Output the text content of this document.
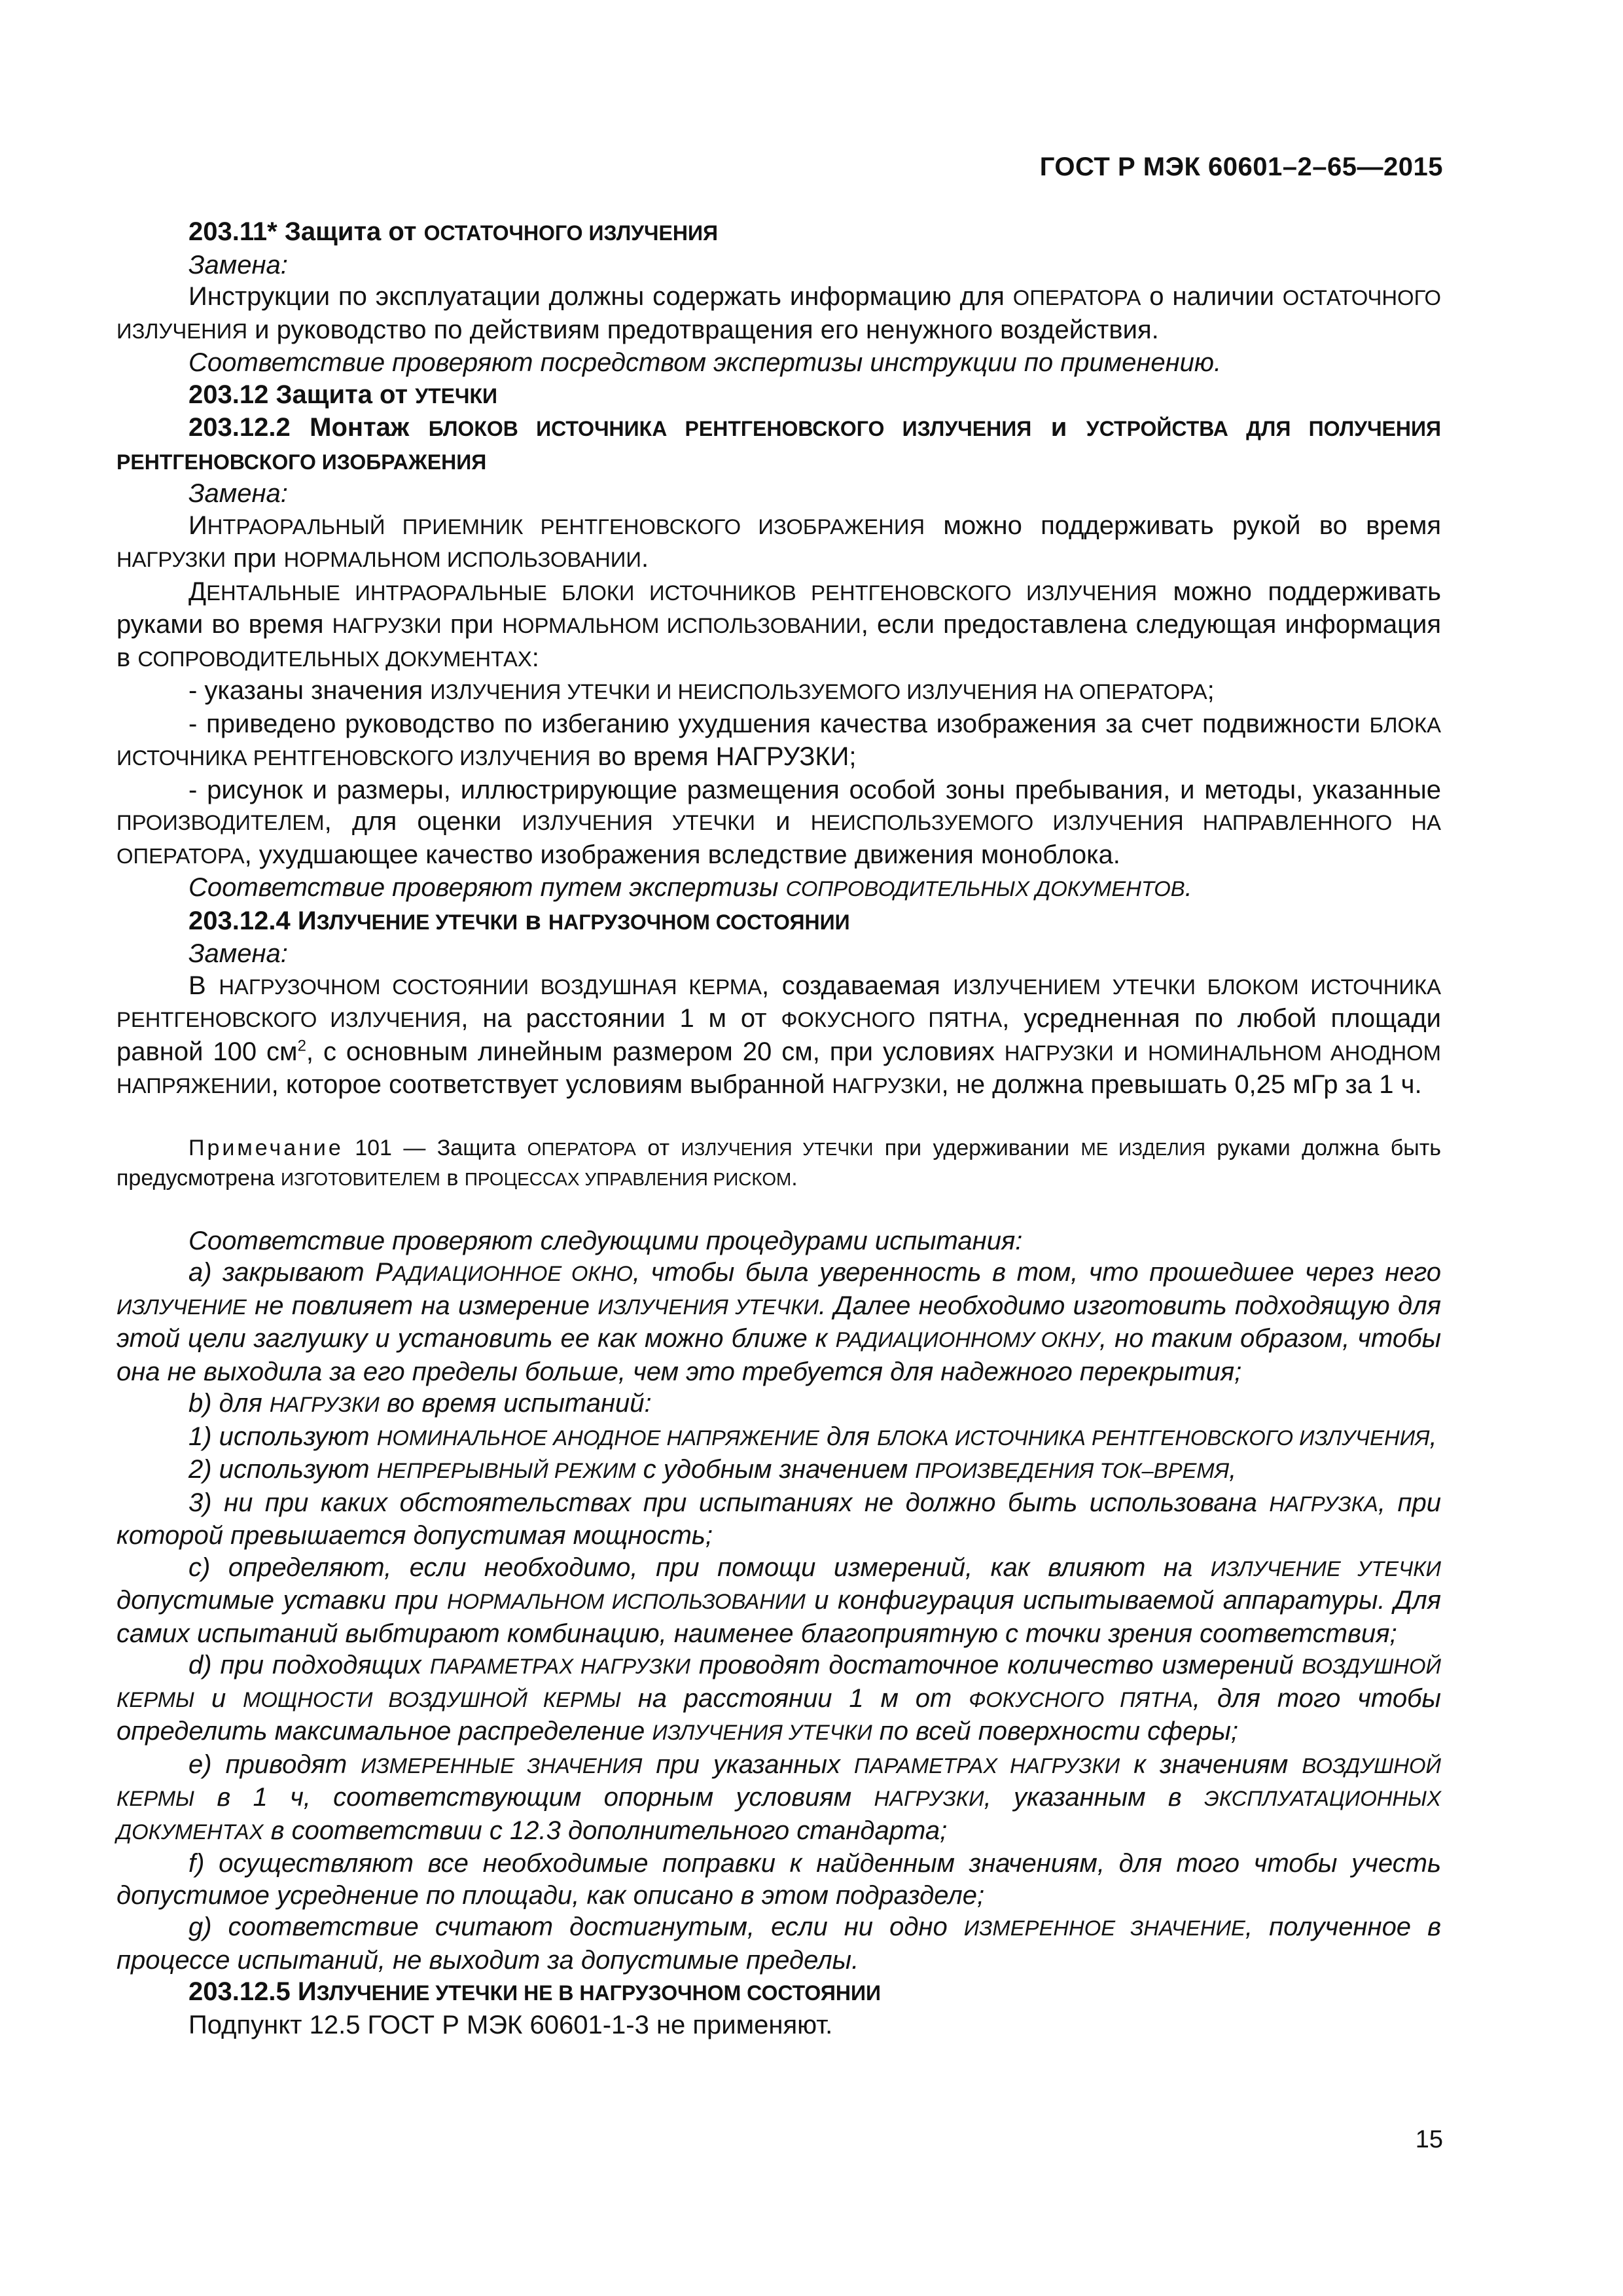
ГОСТ Р МЭК 60601–2–65—2015

203.11* Защита от ОСТАТОЧНОГО ИЗЛУЧЕНИЯ

Замена:

Инструкции по эксплуатации должны содержать информацию для ОПЕРАТОРА о наличии ОСТАТОЧНОГО ИЗЛУЧЕНИЯ и руководство по действиям предотвращения его ненужного воздействия.

Соответствие проверяют посредством экспертизы инструкции по применению.

203.12 Защита от УТЕЧКИ

203.12.2 Монтаж БЛОКОВ ИСТОЧНИКА РЕНТГЕНОВСКОГО ИЗЛУЧЕНИЯ и УСТРОЙСТВА ДЛЯ ПОЛУЧЕНИЯ РЕНТГЕНОВСКОГО ИЗОБРАЖЕНИЯ

Замена:

ИНТРАОРАЛЬНЫЙ ПРИЕМНИК РЕНТГЕНОВСКОГО ИЗОБРАЖЕНИЯ можно поддерживать рукой во время НАГРУЗКИ при НОРМАЛЬНОМ ИСПОЛЬЗОВАНИИ.

ДЕНТАЛЬНЫЕ ИНТРАОРАЛЬНЫЕ БЛОКИ ИСТОЧНИКОВ РЕНТГЕНОВСКОГО ИЗЛУЧЕНИЯ можно поддерживать руками во время НАГРУЗКИ при НОРМАЛЬНОМ ИСПОЛЬЗОВАНИИ, если предоставлена следующая информация в СОПРОВОДИТЕЛЬНЫХ ДОКУМЕНТАХ:

- указаны значения ИЗЛУЧЕНИЯ УТЕЧКИ И НЕИСПОЛЬЗУЕМОГО ИЗЛУЧЕНИЯ НА ОПЕРАТОРА;

- приведено руководство по избеганию ухудшения качества изображения за счет подвижности БЛОКА ИСТОЧНИКА РЕНТГЕНОВСКОГО ИЗЛУЧЕНИЯ во время НАГРУЗКИ;

- рисунок и размеры, иллюстрирующие размещения особой зоны пребывания, и методы, указанные ПРОИЗВОДИТЕЛЕМ, для оценки ИЗЛУЧЕНИЯ УТЕЧКИ и НЕИСПОЛЬЗУЕМОГО ИЗЛУЧЕНИЯ НАПРАВЛЕННОГО НА ОПЕРАТОРА, ухудшающее качество изображения вследствие движения моноблока.

Соответствие проверяют путем экспертизы СОПРОВОДИТЕЛЬНЫХ ДОКУМЕНТОВ.

203.12.4 ИЗЛУЧЕНИЕ УТЕЧКИ в НАГРУЗОЧНОМ СОСТОЯНИИ

Замена:

В НАГРУЗОЧНОМ СОСТОЯНИИ ВОЗДУШНАЯ КЕРМА, создаваемая ИЗЛУЧЕНИЕМ УТЕЧКИ БЛОКОМ ИСТОЧНИКА РЕНТГЕНОВСКОГО ИЗЛУЧЕНИЯ, на расстоянии 1 м от ФОКУСНОГО ПЯТНА, усредненная по любой площади равной 100 $см^2$, с основным линейным размером 20 см, при условиях НАГРУЗКИ и НОМИНАЛЬНОМ АНОДНОМ НАПРЯЖЕНИИ, которое соответствует условиям выбранной НАГРУЗКИ, не должна превышать 0,25 мГр за 1 ч.

Примечание 101 — Защита ОПЕРАТОРА от ИЗЛУЧЕНИЯ УТЕЧКИ при удерживании МЕ ИЗДЕЛИЯ руками должна быть предусмотрена ИЗГОТОВИТЕЛЕМ в ПРОЦЕССАХ УПРАВЛЕНИЯ РИСКОМ.

Соответствие проверяют следующими процедурами испытания:

а) закрывают РАДИАЦИОННОЕ ОКНО, чтобы была уверенность в том, что прошедшее через него ИЗЛУЧЕНИЕ не повлияет на измерение ИЗЛУЧЕНИЯ УТЕЧКИ. Далее необходимо изготовить подходящую для этой цели заглушку и установить ее как можно ближе к РАДИАЦИОННОМУ ОКНУ, но таким образом, чтобы она не выходила за его пределы больше, чем это требуется для надежного перекрытия;

b) для НАГРУЗКИ во время испытаний:

1) используют НОМИНАЛЬНОЕ АНОДНОЕ НАПРЯЖЕНИЕ для БЛОКА ИСТОЧНИКА РЕНТГЕНОВСКОГО ИЗЛУЧЕНИЯ,

2) используют НЕПРЕРЫВНЫЙ РЕЖИМ с удобным значением ПРОИЗВЕДЕНИЯ ТОК–ВРЕМЯ,

3) ни при каких обстоятельствах при испытаниях не должно быть использована НАГРУЗКА, при которой превышается допустимая мощность;

с) определяют, если необходимо, при помощи измерений, как влияют на ИЗЛУЧЕНИЕ УТЕЧКИ допустимые уставки при НОРМАЛЬНОМ ИСПОЛЬЗОВАНИИ и конфигурация испытываемой аппаратуры. Для самих испытаний выбтирают комбинацию, наименее благоприятную с точки зрения соответствия;

d) при подходящих ПАРАМЕТРАХ НАГРУЗКИ проводят достаточное количество измерений ВОЗДУШНОЙ КЕРМЫ и МОЩНОСТИ ВОЗДУШНОЙ КЕРМЫ на расстоянии 1 м от ФОКУСНОГО ПЯТНА, для того чтобы определить максимальное распределение ИЗЛУЧЕНИЯ УТЕЧКИ по всей поверхности сферы;

е) приводят ИЗМЕРЕННЫЕ ЗНАЧЕНИЯ при указанных ПАРАМЕТРАХ НАГРУЗКИ к значениям ВОЗДУШНОЙ КЕРМЫ в 1 ч, соответствующим опорным условиям НАГРУЗКИ, указанным в ЭКСПЛУАТАЦИОННЫХ ДОКУМЕНТАХ в соответствии с 12.3 дополнительного стандарта;

f) осуществляют все необходимые поправки к найденным значениям, для того чтобы учесть допустимое усреднение по площади, как описано в этом подразделе;

g) соответствие считают достигнутым, если ни одно ИЗМЕРЕННОЕ ЗНАЧЕНИЕ, полученное в процессе испытаний, не выходит за допустимые пределы.

203.12.5 ИЗЛУЧЕНИЕ УТЕЧКИ НЕ В НАГРУЗОЧНОМ СОСТОЯНИИ

Подпункт 12.5 ГОСТ Р МЭК 60601-1-3 не применяют.

15
